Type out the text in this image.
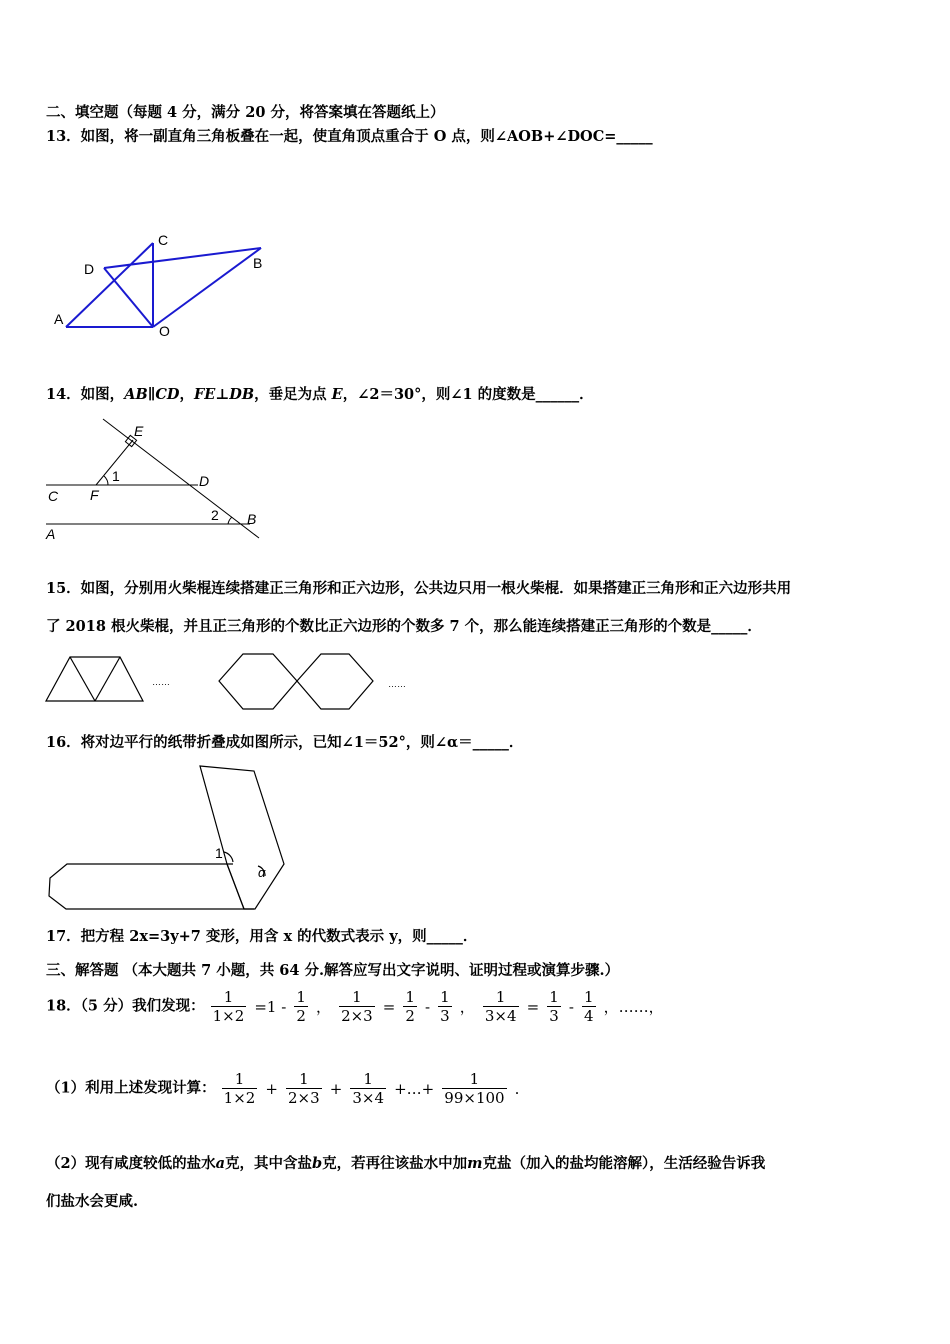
二、填空题（每题 4 分，满分 20 分，将答案填在答题纸上）
13．如图，将一副直角三角板叠在一起，使直角顶点重合于 O 点，则∠AOB+∠DOC=_____
C
D	B
A
O
14．如图，AB∥CD，FE⊥DB，垂足为点 E，∠2＝30°，则∠1 的度数是______．
E
C F
D
A
B
1
2
15．如图，分别用火柴棍连续搭建正三角形和正六边形，公共边只用一根火柴棍．如果搭建正三角形和正六边形共用
了 2018 根火柴棍，并且正三角形的个数比正六边形的个数多 7 个，那么能连续搭建正三角形的个数是_____．
……	……
16．将对边平行的纸带折叠成如图所示，已知∠1＝52°，则∠α＝_____．
1
α
17．把方程 2x=3y+7 变形，用含 x 的代数式表示 y，则_____．
三、解答题 （本大题共 7 小题，共 64 分.解答应写出文字说明、证明过程或演算步骤.）
18．（5 分）我们发现： $\frac{1}{1\times 2} =1 - \frac{1}{2}$ ， $\frac{1}{2\times 3} = \frac{1}{2} - \frac{1}{3}$ ， $\frac{1}{3\times 4} = \frac{1}{3} - \frac{1}{4}$ ，……，
（1）利用上述发现计算： $\frac{1}{1\times 2} + \frac{1}{2\times 3} + \frac{1}{3\times 4}$ +…+ $\frac{1}{99\times 100}$ .
（2）现有咸度较低的盐水a克，其中含盐b克，若再往该盐水中加m克盐（加入的盐均能溶解），生活经验告诉我
们盐水会更咸.
